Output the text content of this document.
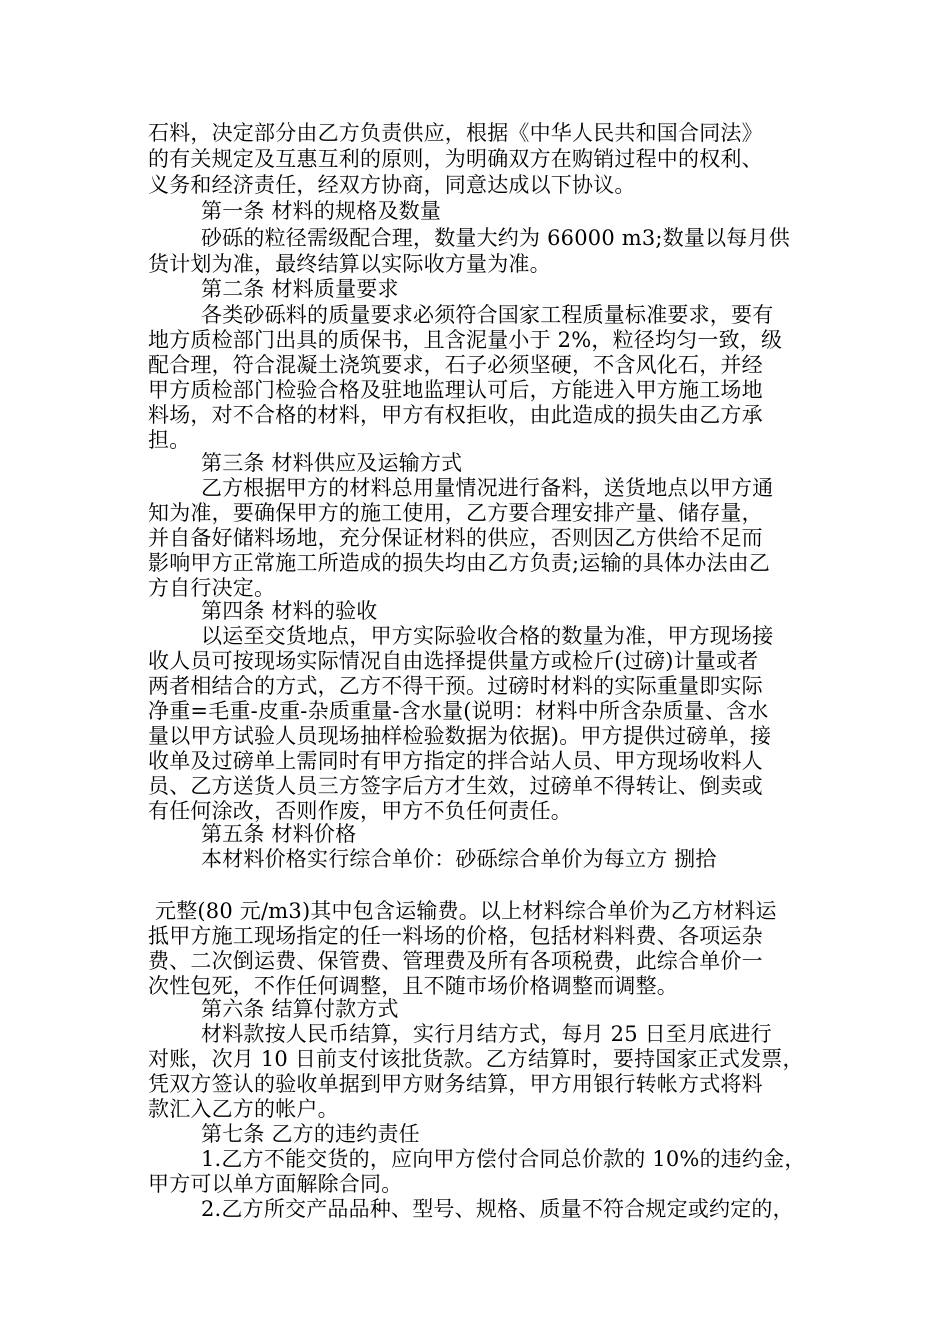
石料，决定部分由乙方负责供应，根据《中华人民共和国合同法》
的有关规定及互惠互利的原则，为明确双方在购销过程中的权利、
义务和经济责任，经双方协商，同意达成以下协议。
第一条 材料的规格及数量
砂砾的粒径需级配合理，数量大约为 66000 m3;数量以每月供
货计划为准，最终结算以实际收方量为准。
第二条 材料质量要求
各类砂砾料的质量要求必须符合国家工程质量标准要求，要有
地方质检部门出具的质保书，且含泥量小于 2%，粒径均匀一致，级
配合理，符合混凝土浇筑要求，石子必须坚硬，不含风化石，并经
甲方质检部门检验合格及驻地监理认可后，方能进入甲方施工场地
料场，对不合格的材料，甲方有权拒收，由此造成的损失由乙方承
担。
第三条 材料供应及运输方式
乙方根据甲方的材料总用量情况进行备料，送货地点以甲方通
知为准，要确保甲方的施工使用，乙方要合理安排产量、储存量，
并自备好储料场地，充分保证材料的供应，否则因乙方供给不足而
影响甲方正常施工所造成的损失均由乙方负责;运输的具体办法由乙
方自行决定。
第四条 材料的验收
以运至交货地点，甲方实际验收合格的数量为准，甲方现场接
收人员可按现场实际情况自由选择提供量方或检斤(过磅)计量或者
两者相结合的方式，乙方不得干预。过磅时材料的实际重量即实际
净重=毛重-皮重-杂质重量-含水量(说明：材料中所含杂质量、含水
量以甲方试验人员现场抽样检验数据为依据)。甲方提供过磅单，接
收单及过磅单上需同时有甲方指定的拌合站人员、甲方现场收料人
员、乙方送货人员三方签字后方才生效，过磅单不得转让、倒卖或
有任何涂改，否则作废，甲方不负任何责任。
第五条 材料价格
本材料价格实行综合单价：砂砾综合单价为每立方 捌拾
元整(80 元/m3)其中包含运输费。以上材料综合单价为乙方材料运
抵甲方施工现场指定的任一料场的价格，包括材料料费、各项运杂
费、二次倒运费、保管费、管理费及所有各项税费，此综合单价一
次性包死，不作任何调整，且不随市场价格调整而调整。
第六条 结算付款方式
材料款按人民币结算，实行月结方式，每月 25 日至月底进行
对账，次月 10 日前支付该批货款。乙方结算时，要持国家正式发票，
凭双方签认的验收单据到甲方财务结算，甲方用银行转帐方式将料
款汇入乙方的帐户。
第七条 乙方的违约责任
1.乙方不能交货的，应向甲方偿付合同总价款的 10%的违约金，
甲方可以单方面解除合同。
2.乙方所交产品品种、型号、规格、质量不符合规定或约定的，
